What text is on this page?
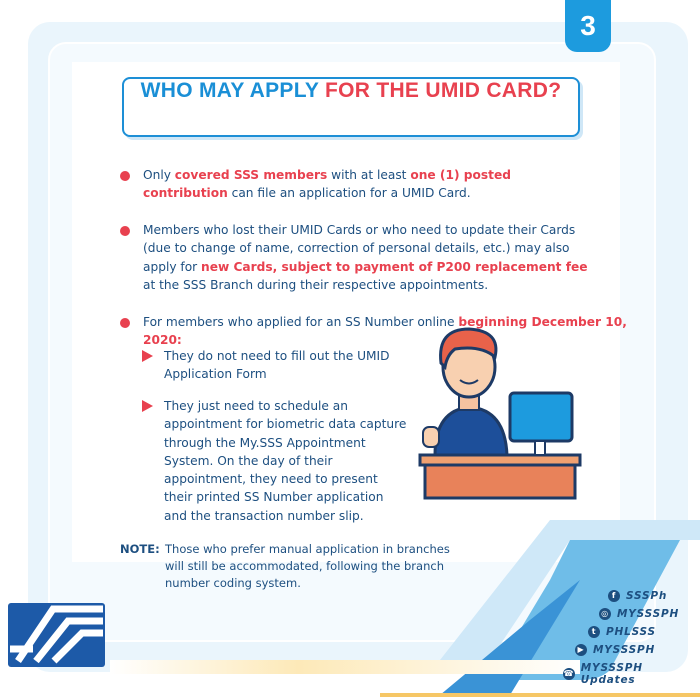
3
WHO MAY APPLY FOR THE UMID CARD?
Only covered SSS members with at least one (1) posted contribution can file an application for a UMID Card.
Members who lost their UMID Cards or who need to update their Cards (due to change of name, correction of personal details, etc.) may also apply for new Cards, subject to payment of P200 replacement fee at the SSS Branch during their respective appointments.
For members who applied for an SS Number online beginning December 10, 2020:
They do not need to fill out the UMID Application Form
They just need to schedule an appointment for biometric data capture through the My.SSS Appointment System. On the day of their appointment, they need to present their printed SS Number application and the transaction number slip.
NOTE: Those who prefer manual application in branches will still be accommodated, following the branch number coding system.
f SSSPh
◎ MYSSSPH
t PHLSSS
▶ MYSSSPH
☎ MYSSSPH Updates
